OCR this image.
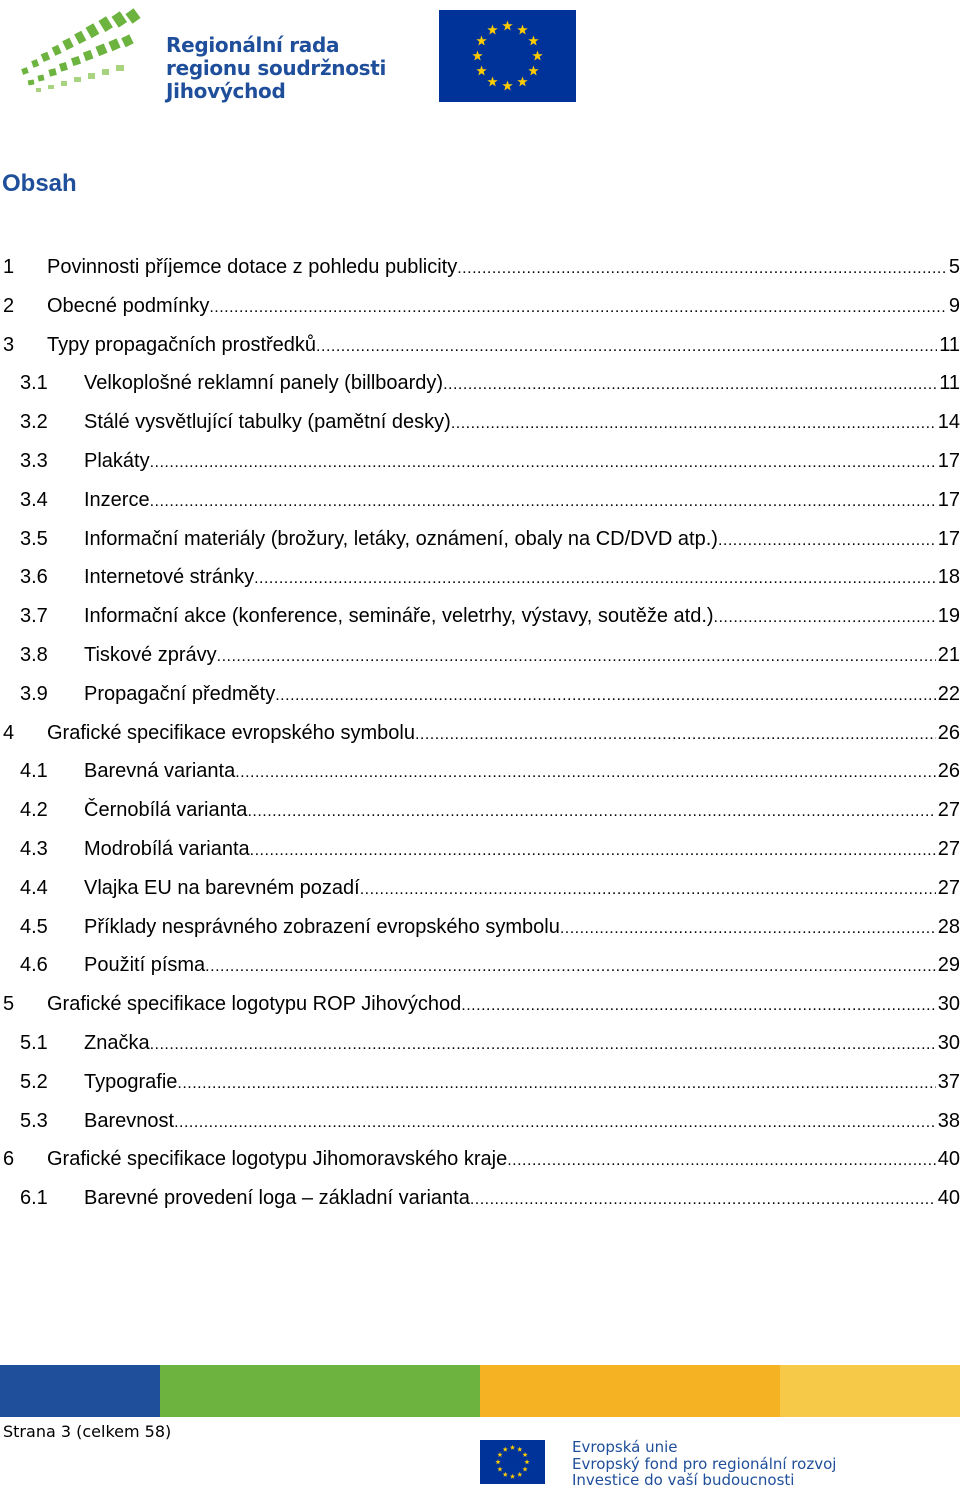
Regionální rada
regionu soudržnosti
Jihovýchod
Obsah
1 Povinnosti příjemce dotace z pohledu publicity .....	5
2 Obecné podmínky .....	9
3 Typy propagačních prostředků .....	11
3.1 Velkoplošné reklamní panely (billboardy) .....	11
3.2 Stálé vysvětlující tabulky (pamětní desky) .....	14
3.3 Plakáty .....	17
3.4 Inzerce .....	17
3.5 Informační materiály (brožury, letáky, oznámení, obaly na CD/DVD atp.) .....	17
3.6 Internetové stránky .....	18
3.7 Informační akce (konference, semináře, veletrhy, výstavy, soutěže atd.) .....	19
3.8 Tiskové zprávy .....	21
3.9 Propagační předměty .....	22
4 Grafické specifikace evropského symbolu .....	26
4.1 Barevná varianta .....	26
4.2 Černobílá varianta .....	27
4.3 Modrobílá varianta .....	27
4.4 Vlajka EU na barevném pozadí .....	27
4.5 Příklady nesprávného zobrazení evropského symbolu .....	28
4.6 Použití písma .....	29
5 Grafické specifikace logotypu ROP Jihovýchod .....	30
5.1 Značka .....	30
5.2 Typografie .....	37
5.3 Barevnost .....	38
6 Grafické specifikace logotypu Jihomoravského kraje .....	40
6.1 Barevné provedení loga – základní varianta .....	40
Strana 3 (celkem 58)
Evropská unie
Evropský fond pro regionální rozvoj
Investice do vaší budoucnosti
